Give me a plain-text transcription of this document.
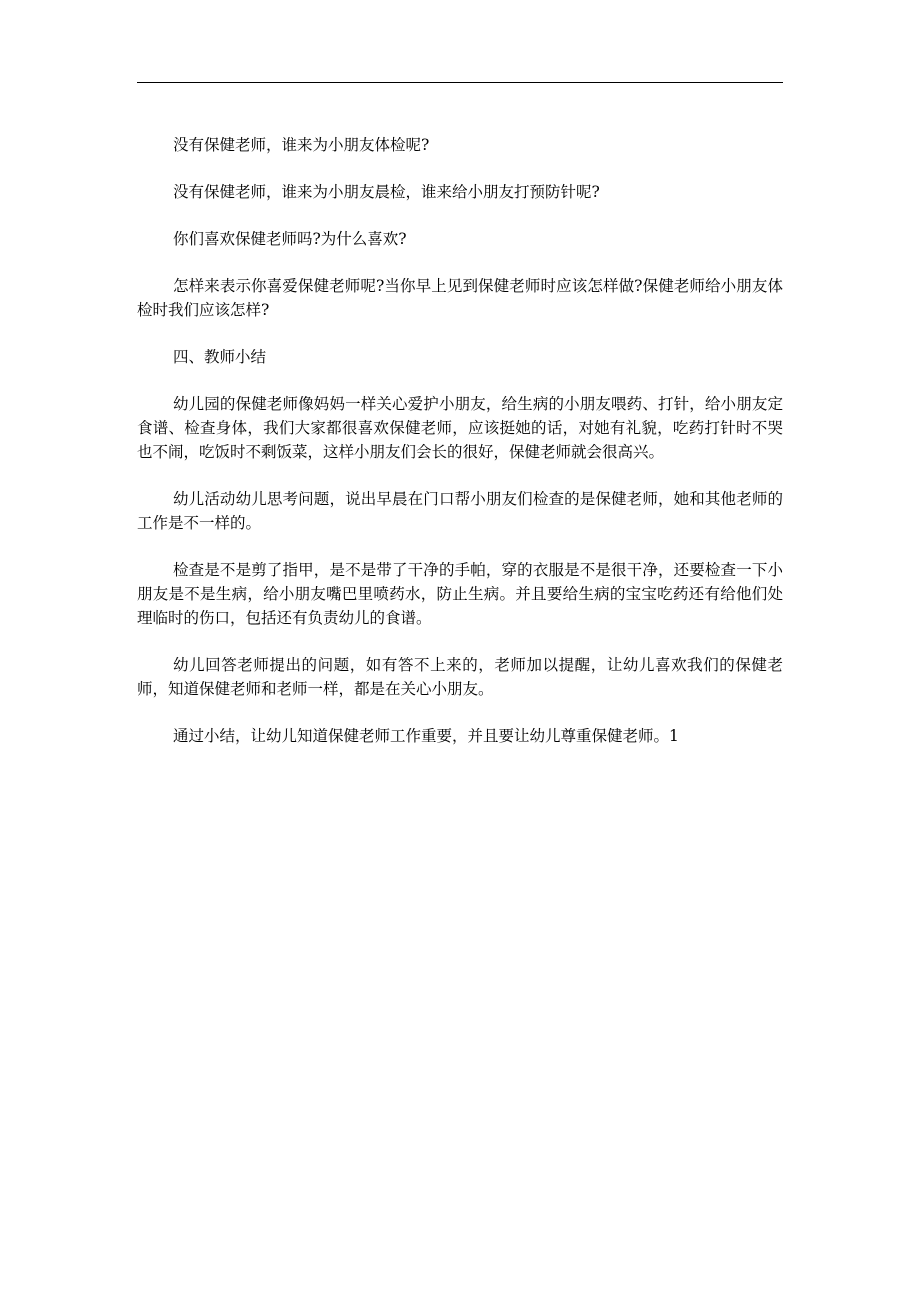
没有保健老师，谁来为小朋友体检呢?

没有保健老师，谁来为小朋友晨检，谁来给小朋友打预防针呢?

你们喜欢保健老师吗?为什么喜欢?

怎样来表示你喜爱保健老师呢?当你早上见到保健老师时应该怎样做?保健老师给小朋友体检时我们应该怎样?

四、教师小结

幼儿园的保健老师像妈妈一样关心爱护小朋友，给生病的小朋友喂药、打针，给小朋友定食谱、检查身体，我们大家都很喜欢保健老师，应该挺她的话，对她有礼貌，吃药打针时不哭也不闹，吃饭时不剩饭菜，这样小朋友们会长的很好，保健老师就会很高兴。

幼儿活动幼儿思考问题，说出早晨在门口帮小朋友们检查的是保健老师，她和其他老师的工作是不一样的。

检查是不是剪了指甲，是不是带了干净的手帕，穿的衣服是不是很干净，还要检查一下小朋友是不是生病，给小朋友嘴巴里喷药水，防止生病。并且要给生病的宝宝吃药还有给他们处理临时的伤口，包括还有负责幼儿的食谱。

幼儿回答老师提出的问题，如有答不上来的，老师加以提醒，让幼儿喜欢我们的保健老师，知道保健老师和老师一样，都是在关心小朋友。

通过小结，让幼儿知道保健老师工作重要，并且要让幼儿尊重保健老师。1
